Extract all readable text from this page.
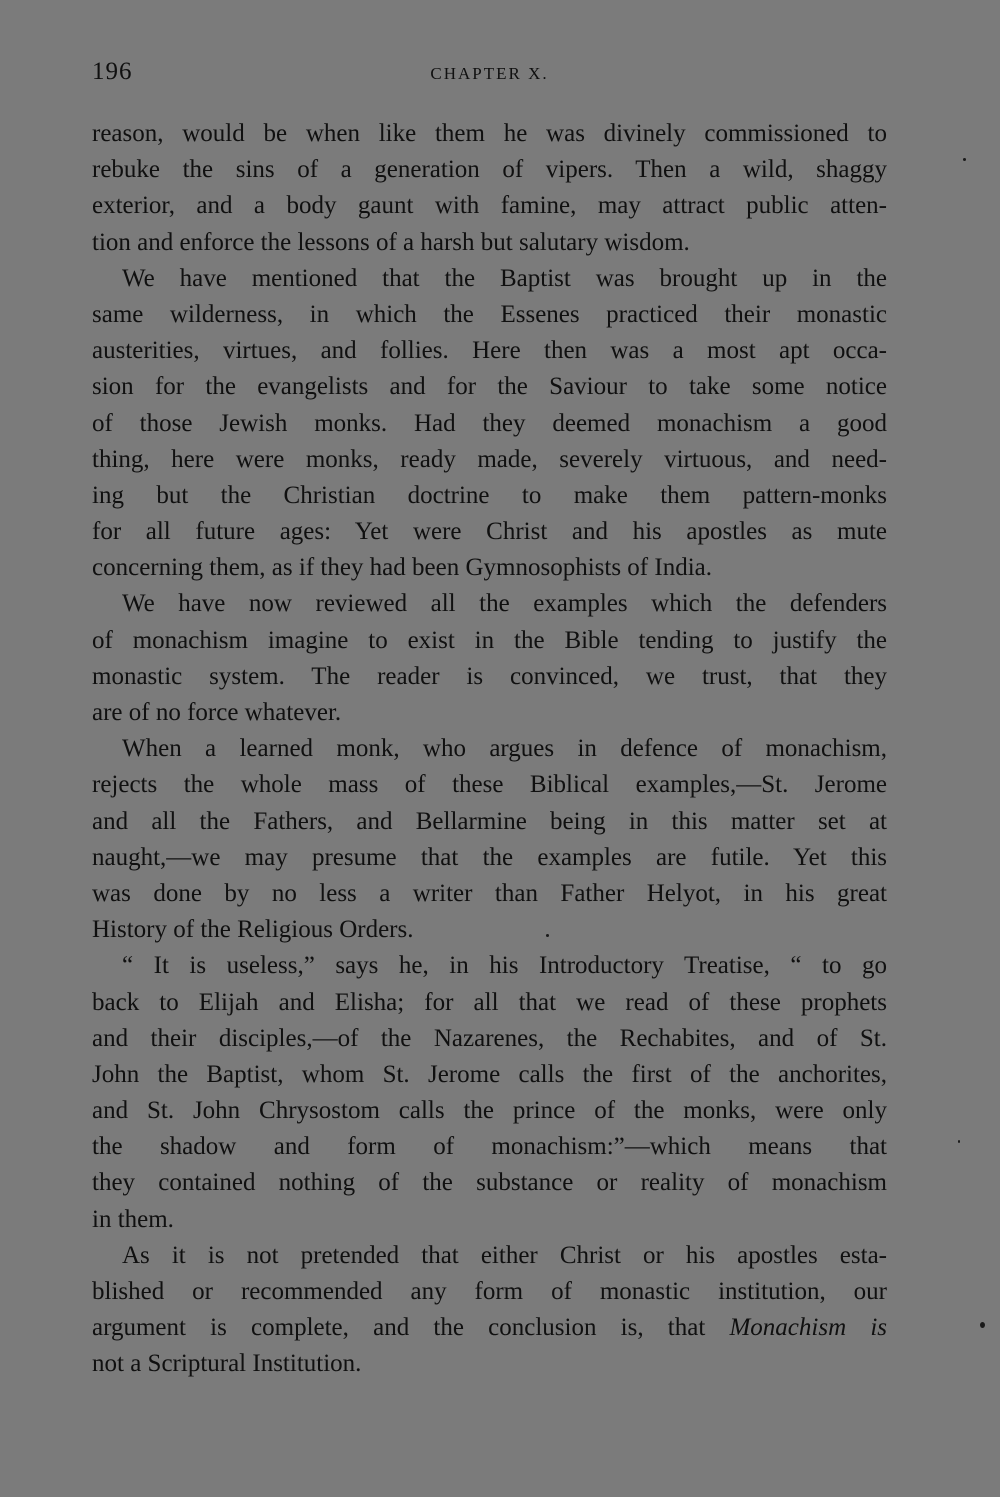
196	CHAPTER X.
reason, would be when like them he was divinely commissioned to
rebuke the sins of a generation of vipers. Then a wild, shaggy
exterior, and a body gaunt with famine, may attract public atten-
tion and enforce the lessons of a harsh but salutary wisdom.
We have mentioned that the Baptist was brought up in the
same wilderness, in which the Essenes practiced their monastic
austerities, virtues, and follies. Here then was a most apt occa-
sion for the evangelists and for the Saviour to take some notice
of those Jewish monks. Had they deemed monachism a good
thing, here were monks, ready made, severely virtuous, and need-
ing but the Christian doctrine to make them pattern-monks
for all future ages: Yet were Christ and his apostles as mute
concerning them, as if they had been Gymnosophists of India.
We have now reviewed all the examples which the defenders
of monachism imagine to exist in the Bible tending to justify the
monastic system. The reader is convinced, we trust, that they
are of no force whatever.
When a learned monk, who argues in defence of monachism,
rejects the whole mass of these Biblical examples,—St. Jerome
and all the Fathers, and Bellarmine being in this matter set at
naught,—we may presume that the examples are futile. Yet this
was done by no less a writer than Father Helyot, in his great
History of the Religious Orders.
“ It is useless,” says he, in his Introductory Treatise, “ to go
back to Elijah and Elisha; for all that we read of these prophets
and their disciples,—of the Nazarenes, the Rechabites, and of St.
John the Baptist, whom St. Jerome calls the first of the anchorites,
and St. John Chrysostom calls the prince of the monks, were only
the shadow and form of monachism:”—which means that
they contained nothing of the substance or reality of monachism
in them.
As it is not pretended that either Christ or his apostles esta-
blished or recommended any form of monastic institution, our
argument is complete, and the conclusion is, that Monachism is
not a Scriptural Institution.
